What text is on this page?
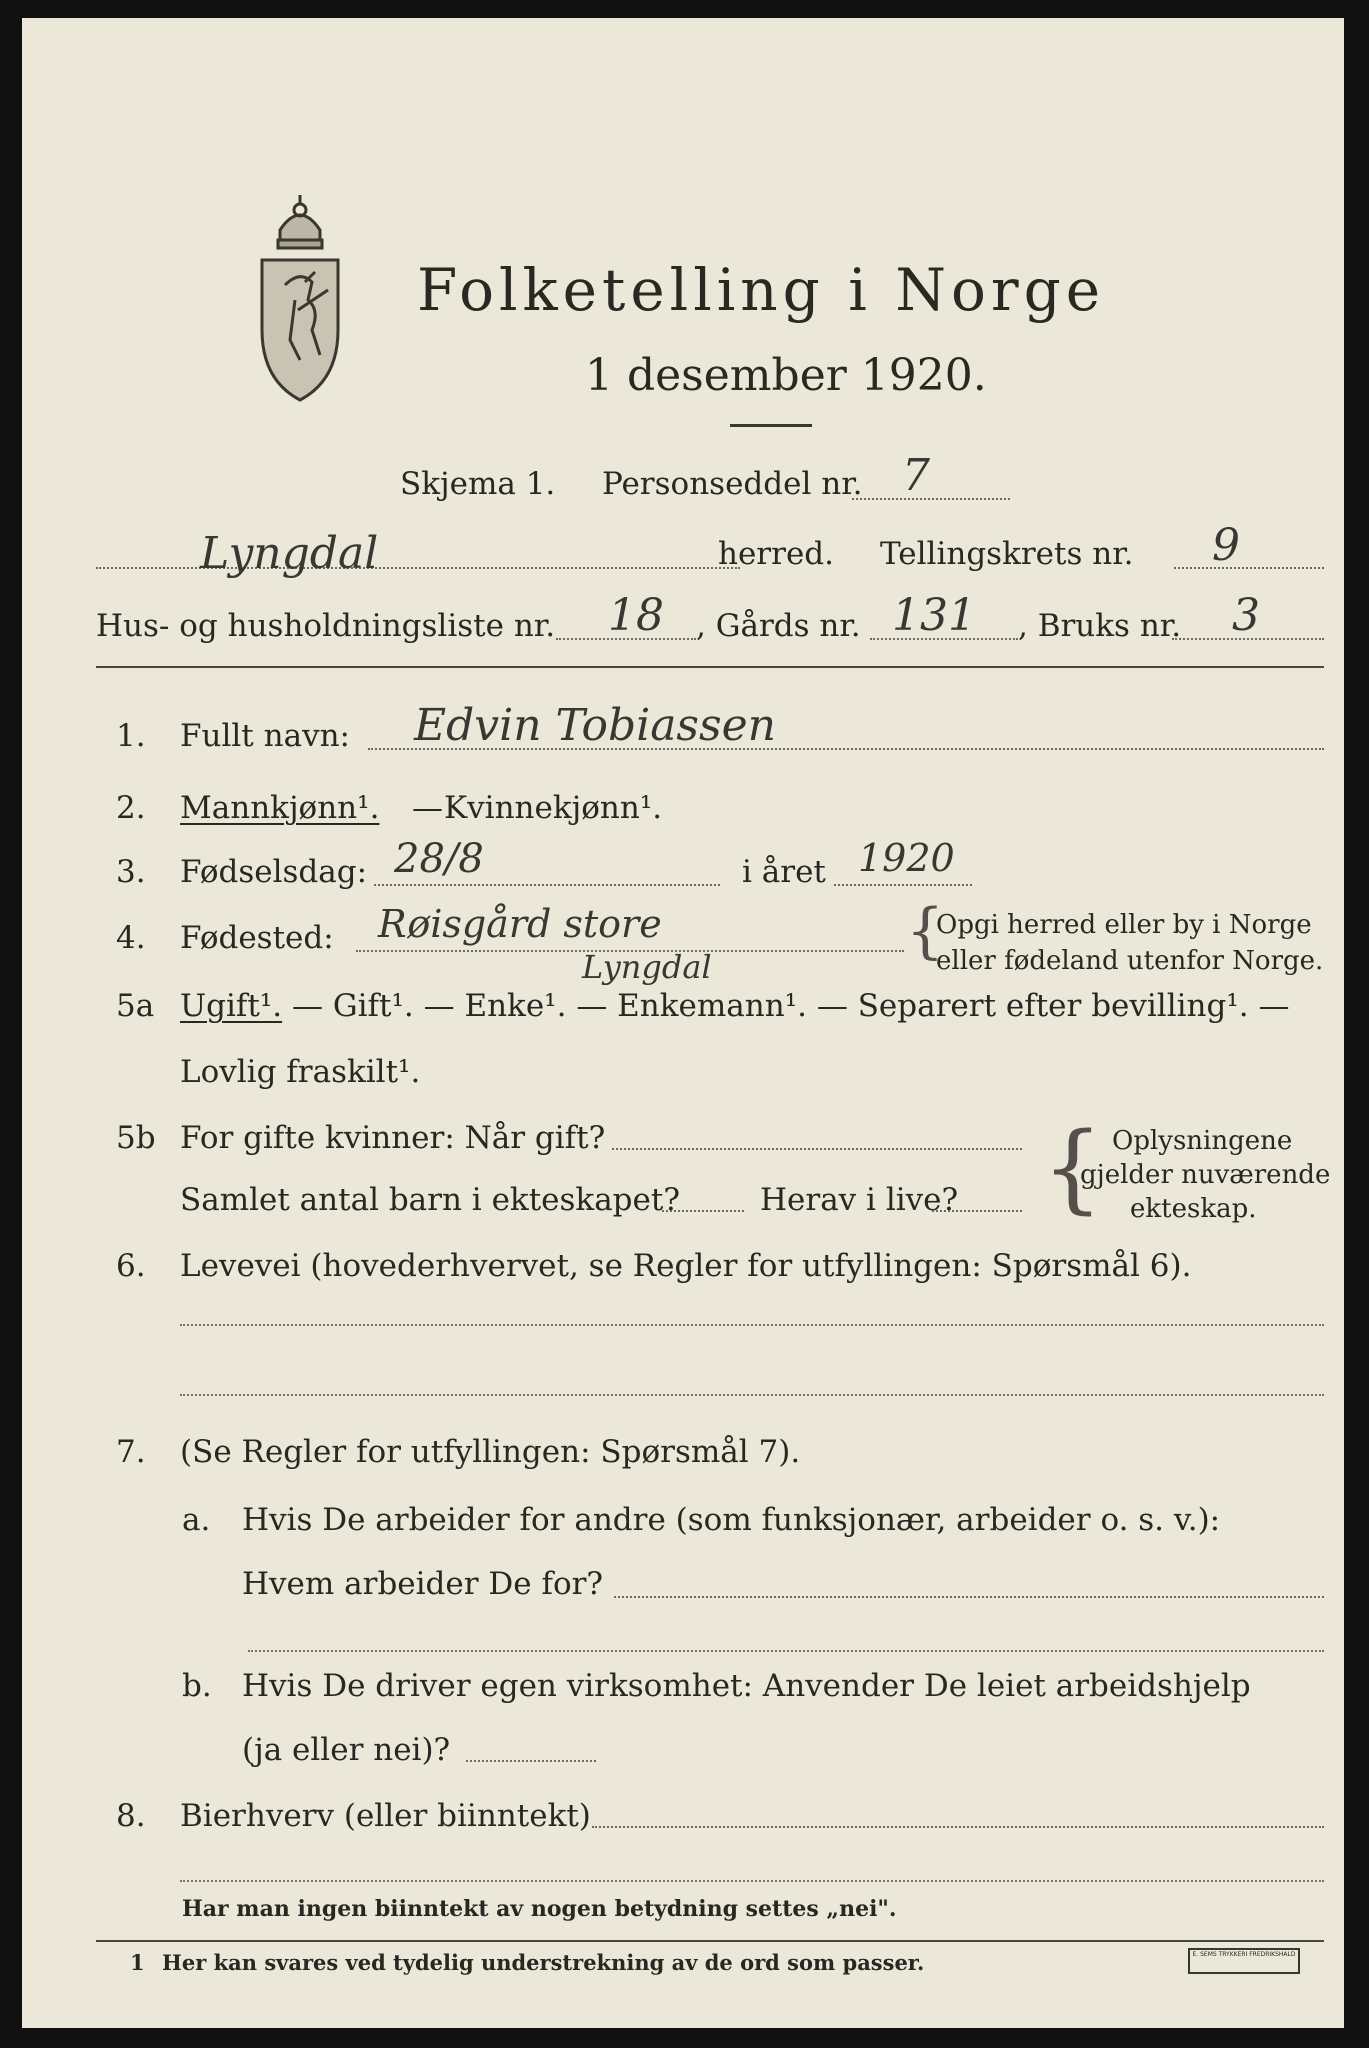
Folketelling i Norge
1 desember 1920.
Skjema 1. Personseddel nr. 7
Lyngdal	herred. Tellingskrets nr. 9
Hus- og husholdningsliste nr. 18 , Gårds nr. 131 , Bruks nr. 3
1. Fullt navn: Edvin Tobiassen
2. Mannkjønn¹. — Kvinnekjønn¹.
3. Fødselsdag: 28/8	i året 1920
4. Fødested: Røisgård store
Lyngdal
{
Opgi herred eller by i Norge
eller fødeland utenfor Norge.
5a Ugift¹. — Gift¹. — Enke¹. — Enkemann¹. — Separert efter bevilling¹. —
Lovlig fraskilt¹.
5b For gifte kvinner: Når gift?
Samlet antal barn i ekteskapet?	Herav i live? { Oplysningene
gjelder nuværende
ekteskap.
6. Levevei (hovederhvervet, se Regler for utfyllingen: Spørsmål 6).
7. (Se Regler for utfyllingen: Spørsmål 7).
a. Hvis De arbeider for andre (som funksjonær, arbeider o. s. v.):
Hvem arbeider De for?
b. Hvis De driver egen virksomhet: Anvender De leiet arbeidshjelp
(ja eller nei)?
8. Bierhverv (eller biinntekt)
Har man ingen biinntekt av nogen betydning settes „nei".
1 Her kan svares ved tydelig understrekning av de ord som passer.	E. SEMS TRYKKERI FREDRIKSHALD
